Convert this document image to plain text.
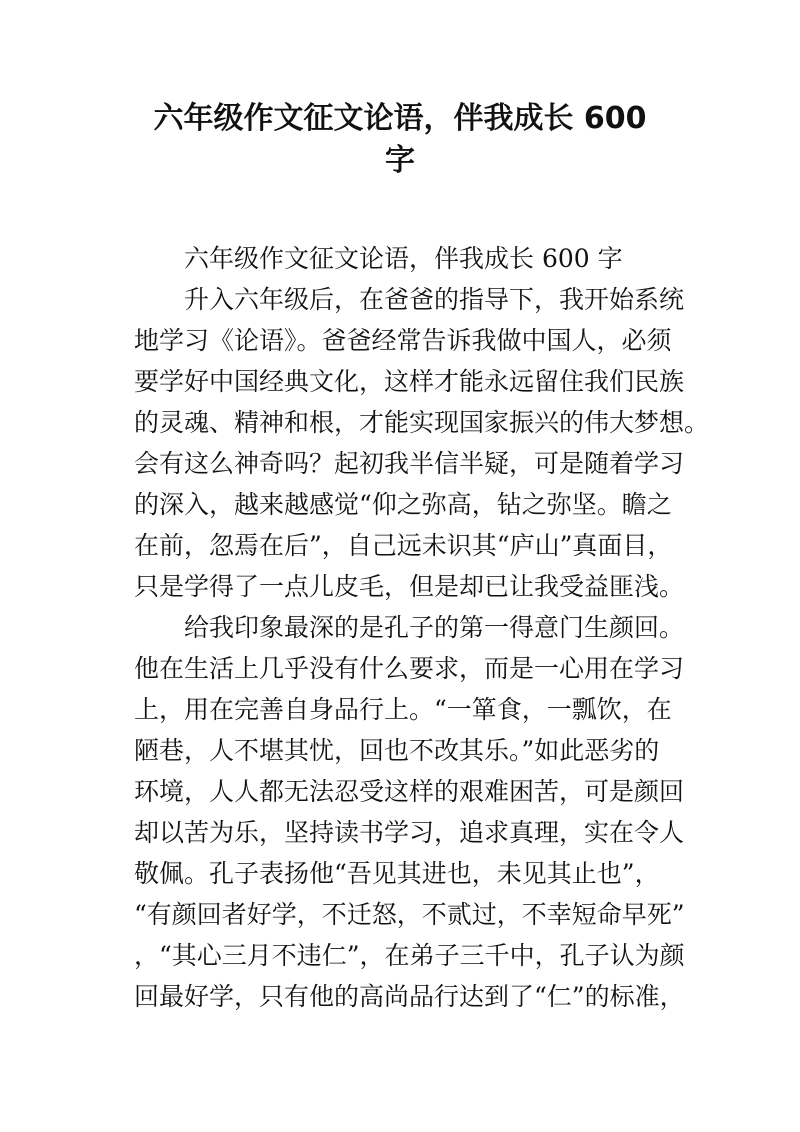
六年级作文征文论语，伴我成长 600
字
六年级作文征文论语，伴我成长 600 字
升入六年级后，在爸爸的指导下，我开始系统
地学习《论语》。爸爸经常告诉我做中国人，必须
要学好中国经典文化，这样才能永远留住我们民族
的灵魂、精神和根，才能实现国家振兴的伟大梦想。
会有这么神奇吗？起初我半信半疑，可是随着学习
的深入，越来越感觉“仰之弥高，钻之弥坚。瞻之
在前，忽焉在后”，自己远未识其“庐山”真面目，
只是学得了一点儿皮毛，但是却已让我受益匪浅。
给我印象最深的是孔子的第一得意门生颜回。
他在生活上几乎没有什么要求，而是一心用在学习
上，用在完善自身品行上。“一箪食，一瓢饮，在
陋巷，人不堪其忧，回也不改其乐。”如此恶劣的
环境，人人都无法忍受这样的艰难困苦，可是颜回
却以苦为乐，坚持读书学习，追求真理，实在令人
敬佩。孔子表扬他“吾见其进也，未见其止也”，
“有颜回者好学，不迁怒，不贰过，不幸短命早死”
，“其心三月不违仁”，在弟子三千中，孔子认为颜
回最好学，只有他的高尚品行达到了“仁”的标准，
